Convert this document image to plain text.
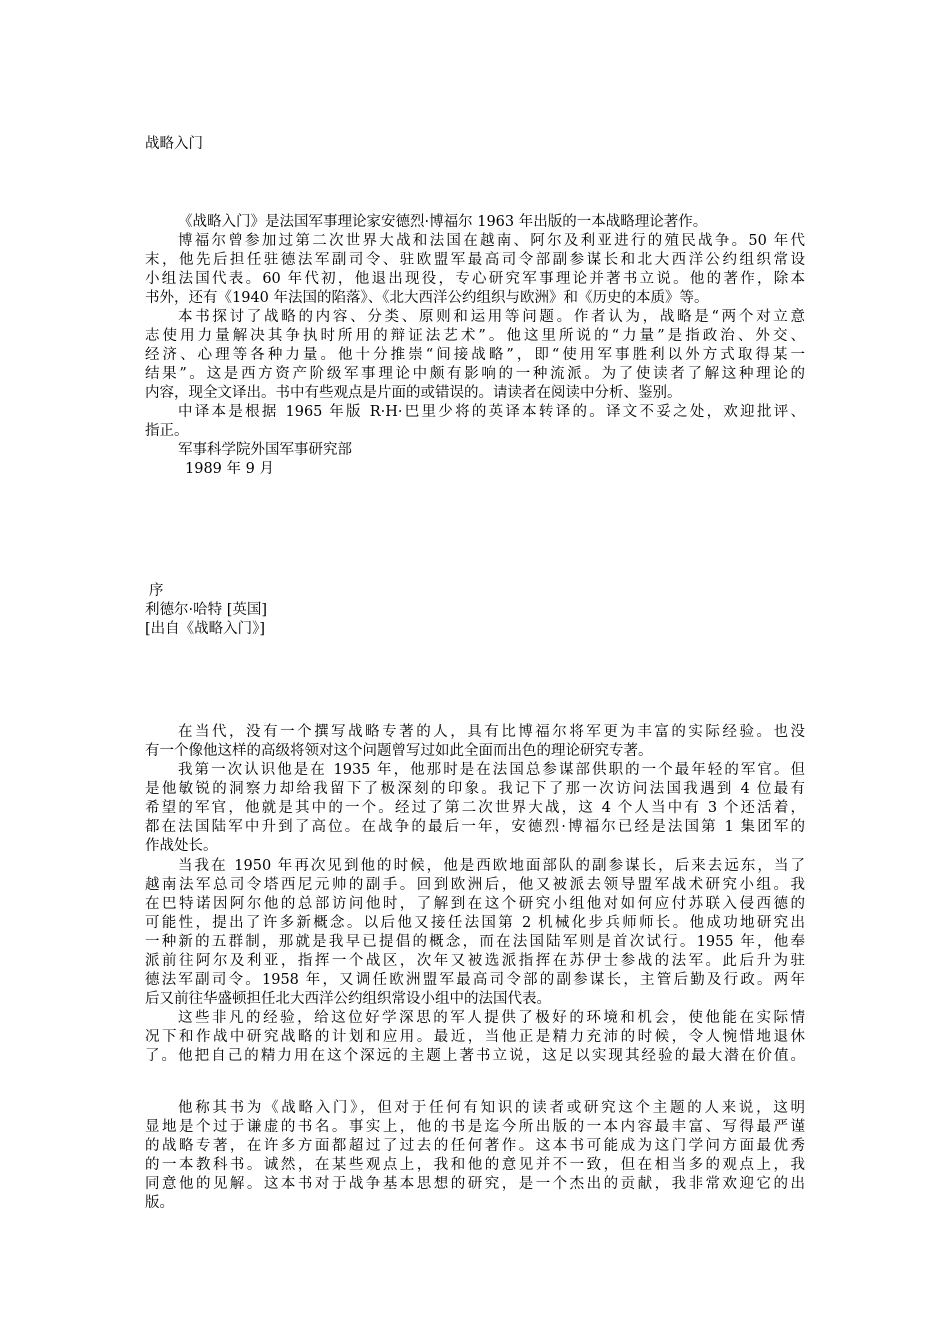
战略入门
《战略入门》是法国军事理论家安德烈·博福尔 1963 年出版的一本战略理论著作。
博福尔曾参加过第二次世界大战和法国在越南、阿尔及利亚进行的殖民战争。50 年代
末，他先后担任驻德法军副司令、驻欧盟军最高司令部副参谋长和北大西洋公约组织常设
小组法国代表。60 年代初，他退出现役，专心研究军事理论并著书立说。他的著作，除本
书外，还有《1940 年法国的陷落》、《北大西洋公约组织与欧洲》和《历史的本质》等。
本书探讨了战略的内容、分类、原则和运用等问题。作者认为，战略是“两个对立意
志使用力量解决其争执时所用的辩证法艺术”。他这里所说的“力量”是指政治、外交、
经济、心理等各种力量。他十分推崇“间接战略”，即“使用军事胜利以外方式取得某一
结果”。这是西方资产阶级军事理论中颇有影响的一种流派。为了使读者了解这种理论的
内容，现全文译出。书中有些观点是片面的或错误的。请读者在阅读中分析、鉴别。
中译本是根据 1965 年版 R·H·巴里少将的英译本转译的。译文不妥之处，欢迎批评、
指正。
军事科学院外国军事研究部
1989 年 9 月
序
利德尔·哈特 [英国]
[出自《战略入门》]
在当代，没有一个撰写战略专著的人，具有比博福尔将军更为丰富的实际经验。也没
有一个像他这样的高级将领对这个问题曾写过如此全面而出色的理论研究专著。
我第一次认识他是在 1935 年，他那时是在法国总参谋部供职的一个最年轻的军官。但
是他敏锐的洞察力却给我留下了极深刻的印象。我记下了那一次访问法国我遇到 4 位最有
希望的军官，他就是其中的一个。经过了第二次世界大战，这 4 个人当中有 3 个还活着，
都在法国陆军中升到了高位。在战争的最后一年，安德烈·博福尔已经是法国第 1 集团军的
作战处长。
当我在 1950 年再次见到他的时候，他是西欧地面部队的副参谋长，后来去远东，当了
越南法军总司令塔西尼元帅的副手。回到欧洲后，他又被派去领导盟军战术研究小组。我
在巴特诺因阿尔他的总部访问他时，了解到在这个研究小组他对如何应付苏联入侵西德的
可能性，提出了许多新概念。以后他又接任法国第 2 机械化步兵师师长。他成功地研究出
一种新的五群制，那就是我早已提倡的概念，而在法国陆军则是首次试行。1955 年，他奉
派前往阿尔及利亚，指挥一个战区，次年又被选派指挥在苏伊士参战的法军。此后升为驻
德法军副司令。1958 年，又调任欧洲盟军最高司令部的副参谋长，主管后勤及行政。两年
后又前往华盛顿担任北大西洋公约组织常设小组中的法国代表。
这些非凡的经验，给这位好学深思的军人提供了极好的环境和机会，使他能在实际情
况下和作战中研究战略的计划和应用。最近，当他正是精力充沛的时候，令人惋惜地退休
了。他把自己的精力用在这个深远的主题上著书立说，这足以实现其经验的最大潜在价值。
他称其书为《战略入门》，但对于任何有知识的读者或研究这个主题的人来说，这明
显地是个过于谦虚的书名。事实上，他的书是迄今所出版的一本内容最丰富、写得最严谨
的战略专著，在许多方面都超过了过去的任何著作。这本书可能成为这门学问方面最优秀
的一本教科书。诚然，在某些观点上，我和他的意见并不一致，但在相当多的观点上，我
同意他的见解。这本书对于战争基本思想的研究，是一个杰出的贡献，我非常欢迎它的出
版。
